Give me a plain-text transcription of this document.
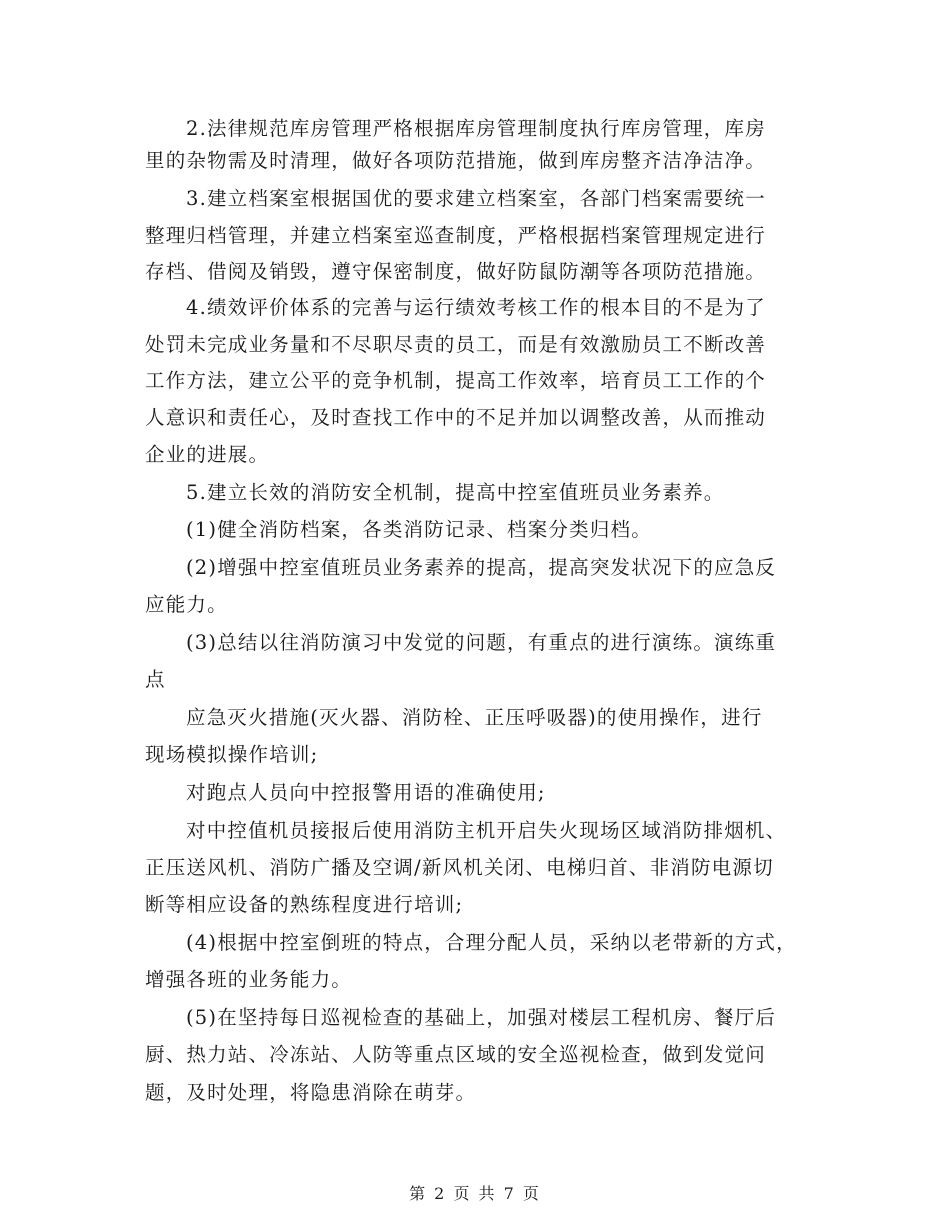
2.法律规范库房管理严格根据库房管理制度执行库房管理，库房
里的杂物需及时清理，做好各项防范措施，做到库房整齐洁净洁净。
3.建立档案室根据国优的要求建立档案室，各部门档案需要统一
整理归档管理，并建立档案室巡查制度，严格根据档案管理规定进行
存档、借阅及销毁，遵守保密制度，做好防鼠防潮等各项防范措施。
4.绩效评价体系的完善与运行绩效考核工作的根本目的不是为了
处罚未完成业务量和不尽职尽责的员工，而是有效激励员工不断改善
工作方法，建立公平的竞争机制，提高工作效率，培育员工工作的个
人意识和责任心，及时查找工作中的不足并加以调整改善，从而推动
企业的进展。
5.建立长效的消防安全机制，提高中控室值班员业务素养。
(1)健全消防档案，各类消防记录、档案分类归档。
(2)增强中控室值班员业务素养的提高，提高突发状况下的应急反
应能力。
(3)总结以往消防演习中发觉的问题，有重点的进行演练。演练重
点
应急灭火措施(灭火器、消防栓、正压呼吸器)的使用操作，进行
现场模拟操作培训;
对跑点人员向中控报警用语的准确使用;
对中控值机员接报后使用消防主机开启失火现场区域消防排烟机、
正压送风机、消防广播及空调/新风机关闭、电梯归首、非消防电源切
断等相应设备的熟练程度进行培训;
(4)根据中控室倒班的特点，合理分配人员，采纳以老带新的方式，
增强各班的业务能力。
(5)在坚持每日巡视检查的基础上，加强对楼层工程机房、餐厅后
厨、热力站、冷冻站、人防等重点区域的安全巡视检查，做到发觉问
题，及时处理，将隐患消除在萌芽。
第 2 页 共 7 页
